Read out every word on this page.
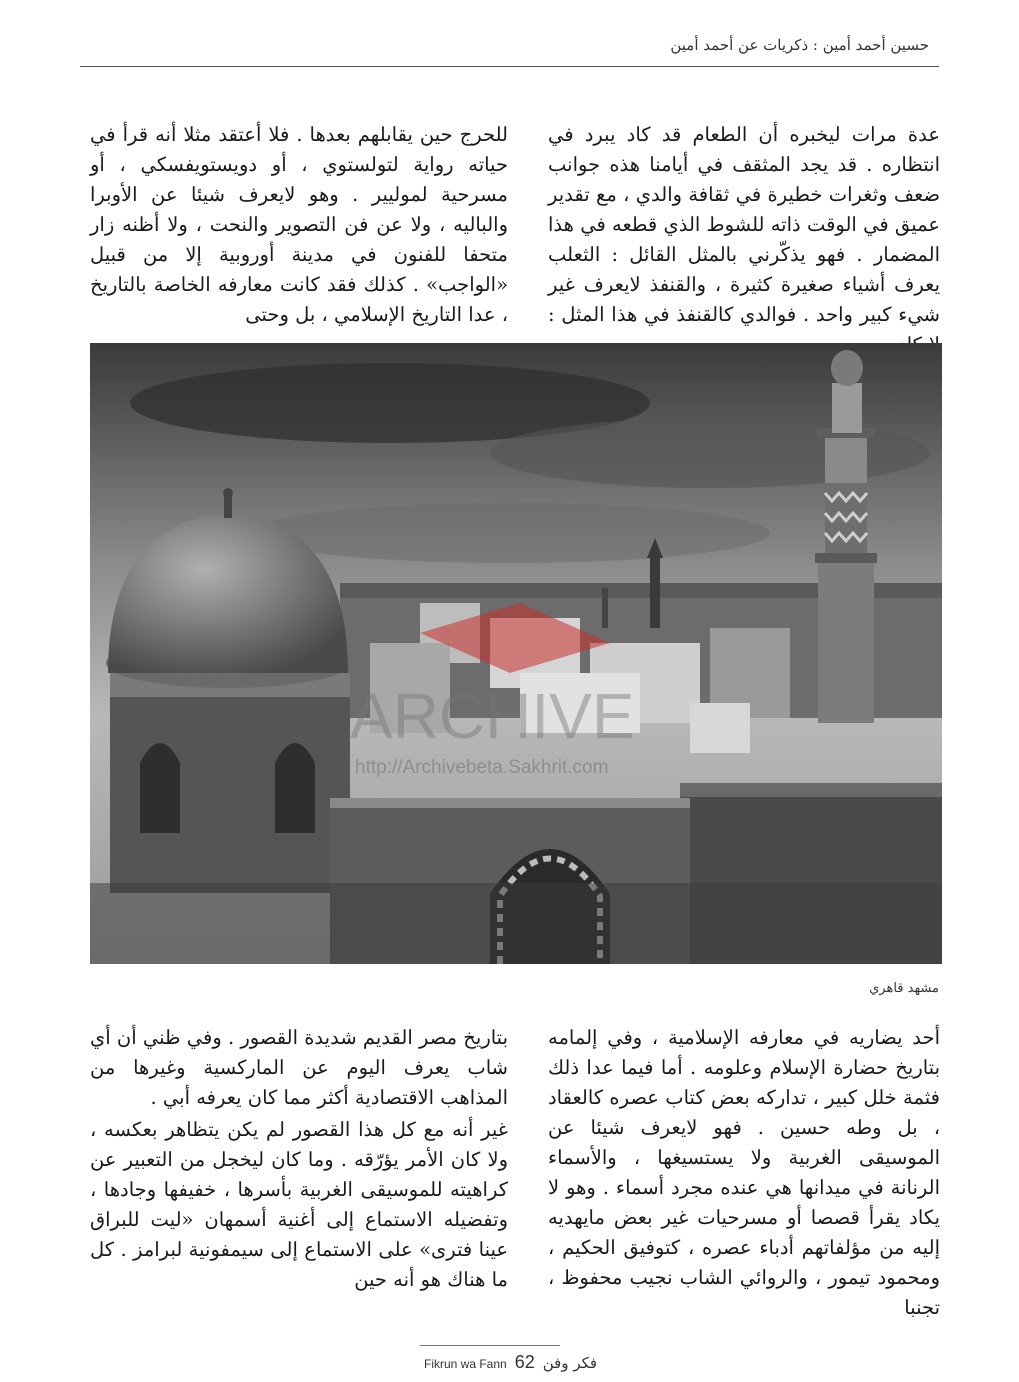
حسين أحمد أمين : ذكريات عن أحمد أمين

عدة مرات ليخبره أن الطعام قد كاد يبرد في انتظاره . قد يجد المثقف في أيامنا هذه جوانب ضعف وثغرات خطيرة في ثقافة والدي ، مع تقدير عميق في الوقت ذاته للشوط الذي قطعه في هذا المضمار . فهو يذكّرني بالمثل القائل : الثعلب يعرف أشياء صغيرة كثيرة ، والقنفذ لايعرف غير شيء كبير واحد . فوالدي كالقنفذ في هذا المثل :

للحرج حين يقابلهم بعدها . فلا أعتقد مثلا أنه قرأ في حياته رواية لتولستوي ، أو دويستويفسكي ، أو مسرحية لموليير . وهو لايعرف شيئا عن الأوبرا والباليه ، ولا عن فن التصوير والنحت ، ولا أظنه زار متحفا للفنون في مدينة أوروبية إلا من قبيل «الواجب» . كذلك فقد كانت معارفه الخاصة بالتاريخ ، عدا التاريخ الإسلامي ، بل وحتى

ARCHIVE
http://Archivebeta.Sakhrit.com
مشهد قاهري

أحد يضاريه في معارفه الإسلامية ، وفي إلمامه بتاريخ حضارة الإسلام وعلومه . أما فيما عدا ذلك فثمة خلل كبير ، تداركه بعض كتاب عصره كالعقاد ، بل وطه حسين . فهو لايعرف شيئا عن الموسيقى الغربية ولا يستسيغها ، والأسماء الرنانة في ميدانها هي عنده مجرد أسماء . وهو لا يكاد يقرأ قصصا أو مسرحيات غير بعض مايهديه إليه من مؤلفاتهم أدباء عصره ، كتوفيق الحكيم ، ومحمود تيمور ، والروائي الشاب نجيب محفوظ ، تجنبا

بتاريخ مصر القديم شديدة القصور . وفي ظني أن أي شاب يعرف اليوم عن الماركسية وغيرها من المذاهب الاقتصادية أكثر مما كان يعرفه أبي .

غير أنه مع كل هذا القصور لم يكن يتظاهر بعكسه ، ولا كان الأمر يؤرّقه . وما كان ليخجل من التعبير عن كراهيته للموسيقى الغربية بأسرها ، خفيفها وجادها ، وتفضيله الاستماع إلى أغنية أسمهان «ليت للبراق عينا فترى» على الاستماع إلى سيمفونية لبرامز . كل ما هناك هو أنه حين

Fikrun wa Fann 62 فكر وفن
